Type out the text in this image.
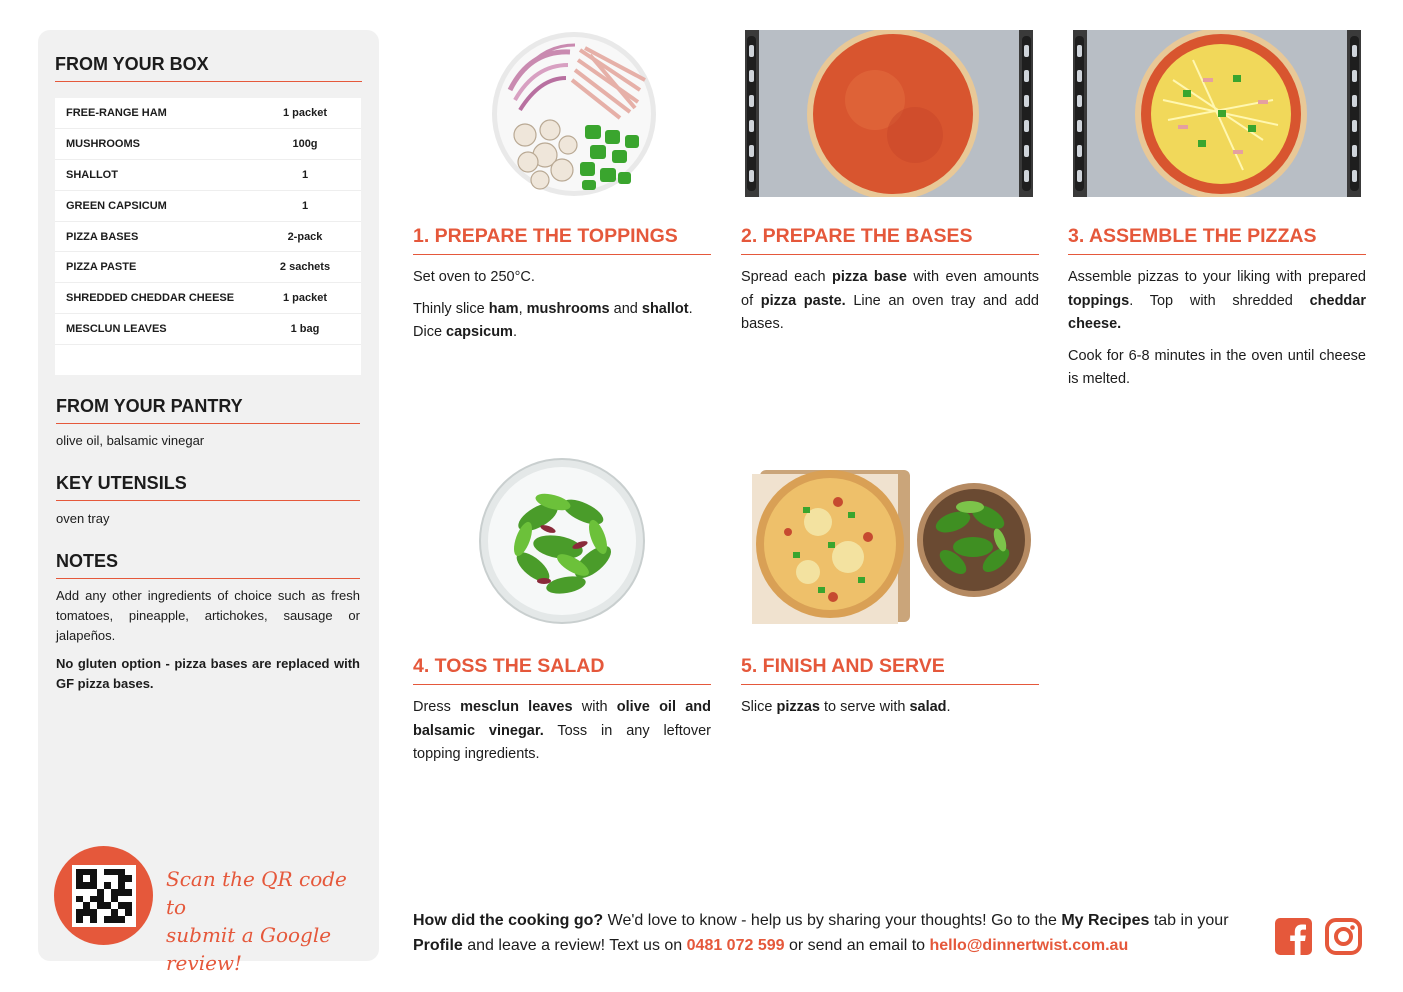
FROM YOUR BOX
FREE-RANGE HAM	1 packet
MUSHROOMS	100g
SHALLOT	1
GREEN CAPSICUM	1
PIZZA BASES	2-pack
PIZZA PASTE	2 sachets
SHREDDED CHEDDAR CHEESE	1 packet
MESCLUN LEAVES	1 bag
FROM YOUR PANTRY
olive oil, balsamic vinegar
KEY UTENSILS
oven tray
NOTES
Add any other ingredients of choice such as fresh tomatoes, pineapple, artichokes, sausage or jalapeños.
No gluten option - pizza bases are replaced with GF pizza bases.
Scan the QR code to
submit a Google review!
1. PREPARE THE TOPPINGS

Set oven to 250°C.

Thinly slice ham, mushrooms and shallot. Dice capsicum.

2. PREPARE THE BASES

Spread each pizza base with even amounts of pizza paste. Line an oven tray and add bases.

3. ASSEMBLE THE PIZZAS

Assemble pizzas to your liking with prepared toppings. Top with shredded cheddar cheese.

Cook for 6-8 minutes in the oven until cheese is melted.

4. TOSS THE SALAD

Dress mesclun leaves with olive oil and balsamic vinegar. Toss in any leftover topping ingredients.

5. FINISH AND SERVE

Slice pizzas to serve with salad.

How did the cooking go? We'd love to know - help us by sharing your thoughts! Go to the My Recipes tab in your Profile and leave a review! Text us on 0481 072 599 or send an email to hello@dinnertwist.com.au
